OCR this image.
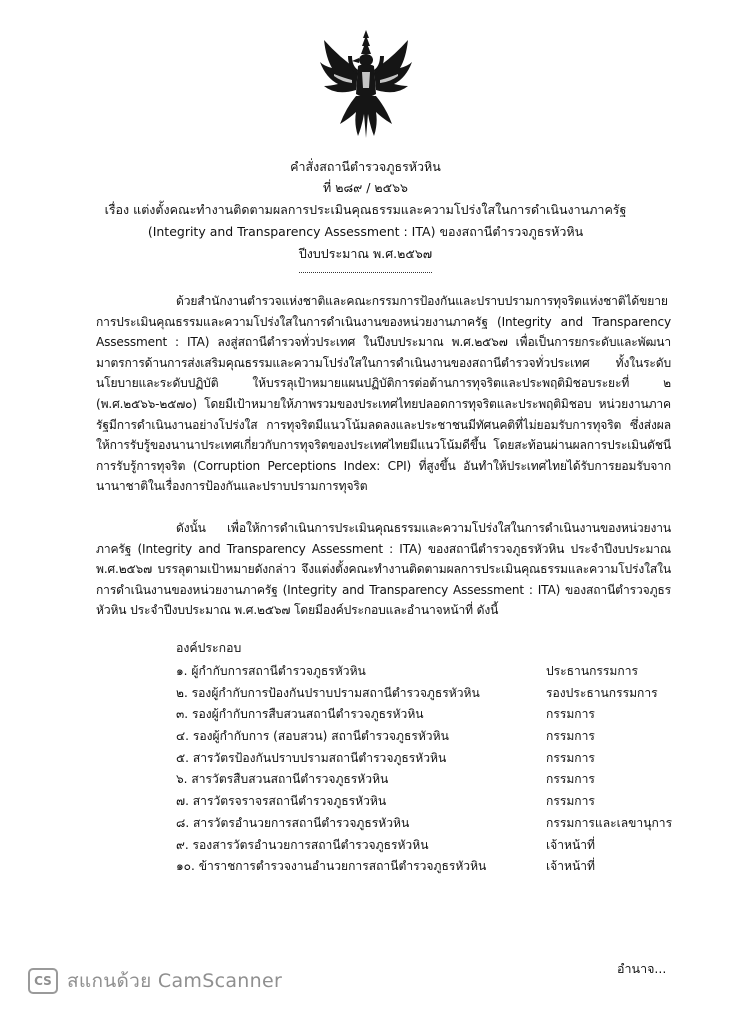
คำสั่งสถานีตำรวจภูธรหัวหิน
ที่ ๒๘๙ / ๒๕๖๖
เรื่อง แต่งตั้งคณะทำงานติดตามผลการประเมินคุณธรรมและความโปร่งใสในการดำเนินงานภาครัฐ
(Integrity and Transparency Assessment : ITA) ของสถานีตำรวจภูธรหัวหิน
ปีงบประมาณ พ.ศ.๒๕๖๗

ด้วยสำนักงานตำรวจแห่งชาติและคณะกรรมการป้องกันและปราบปรามการทุจริตแห่งชาติได้ขยายการประเมินคุณธรรมและความโปร่งใสในการดำเนินงานของหน่วยงานภาครัฐ (Integrity and Transparency Assessment : ITA) ลงสู่สถานีตำรวจทั่วประเทศ ในปีงบประมาณ พ.ศ.๒๕๖๗ เพื่อเป็นการยกระดับและพัฒนามาตรการด้านการส่งเสริมคุณธรรมและความโปร่งใสในการดำเนินงานของสถานีตำรวจทั่วประเทศ ทั้งในระดับนโยบายและระดับปฏิบัติ ให้บรรลุเป้าหมายแผนปฏิบัติการต่อต้านการทุจริตและประพฤติมิชอบระยะที่ ๒ (พ.ศ.๒๕๖๖-๒๕๗๐) โดยมีเป้าหมายให้ภาพรวมของประเทศไทยปลอดการทุจริตและประพฤติมิชอบ หน่วยงานภาครัฐมีการดำเนินงานอย่างโปร่งใส การทุจริตมีแนวโน้มลดลงและประชาชนมีทัศนคติที่ไม่ยอมรับการทุจริต ซึ่งส่งผลให้การรับรู้ของนานาประเทศเกี่ยวกับการทุจริตของประเทศไทยมีแนวโน้มดีขึ้น โดยสะท้อนผ่านผลการประเมินดัชนีการรับรู้การทุจริต (Corruption Perceptions Index: CPI) ที่สูงขึ้น อันทำให้ประเทศไทยได้รับการยอมรับจากนานาชาติในเรื่องการป้องกันและปราบปรามการทุจริต

ดังนั้น เพื่อให้การดำเนินการประเมินคุณธรรมและความโปร่งใสในการดำเนินงานของหน่วยงานภาครัฐ (Integrity and Transparency Assessment : ITA) ของสถานีตำรวจภูธรหัวหิน ประจำปีงบประมาณ พ.ศ.๒๕๖๗ บรรลุตามเป้าหมายดังกล่าว จึงแต่งตั้งคณะทำงานติดตามผลการประเมินคุณธรรมและความโปร่งใสในการดำเนินงานของหน่วยงานภาครัฐ (Integrity and Transparency Assessment : ITA) ของสถานีตำรวจภูธรหัวหิน ประจำปีงบประมาณ พ.ศ.๒๕๖๗ โดยมีองค์ประกอบและอำนาจหน้าที่ ดังนี้

องค์ประกอบ
๑. ผู้กำกับการสถานีตำรวจภูธรหัวหิน	ประธานกรรมการ
๒. รองผู้กำกับการป้องกันปราบปรามสถานีตำรวจภูธรหัวหิน	รองประธานกรรมการ
๓. รองผู้กำกับการสืบสวนสถานีตำรวจภูธรหัวหิน	กรรมการ
๔. รองผู้กำกับการ (สอบสวน) สถานีตำรวจภูธรหัวหิน	กรรมการ
๕. สารวัตรป้องกันปราบปรามสถานีตำรวจภูธรหัวหิน	กรรมการ
๖. สารวัตรสืบสวนสถานีตำรวจภูธรหัวหิน	กรรมการ
๗. สารวัตรจราจรสถานีตำรวจภูธรหัวหิน	กรรมการ
๘. สารวัตรอำนวยการสถานีตำรวจภูธรหัวหิน	กรรมการและเลขานุการ
๙. รองสารวัตรอำนวยการสถานีตำรวจภูธรหัวหิน	เจ้าหน้าที่
๑๐. ข้าราชการตำรวจงานอำนวยการสถานีตำรวจภูธรหัวหิน	เจ้าหน้าที่
CS สแกนด้วย CamScanner
อำนาจ...
